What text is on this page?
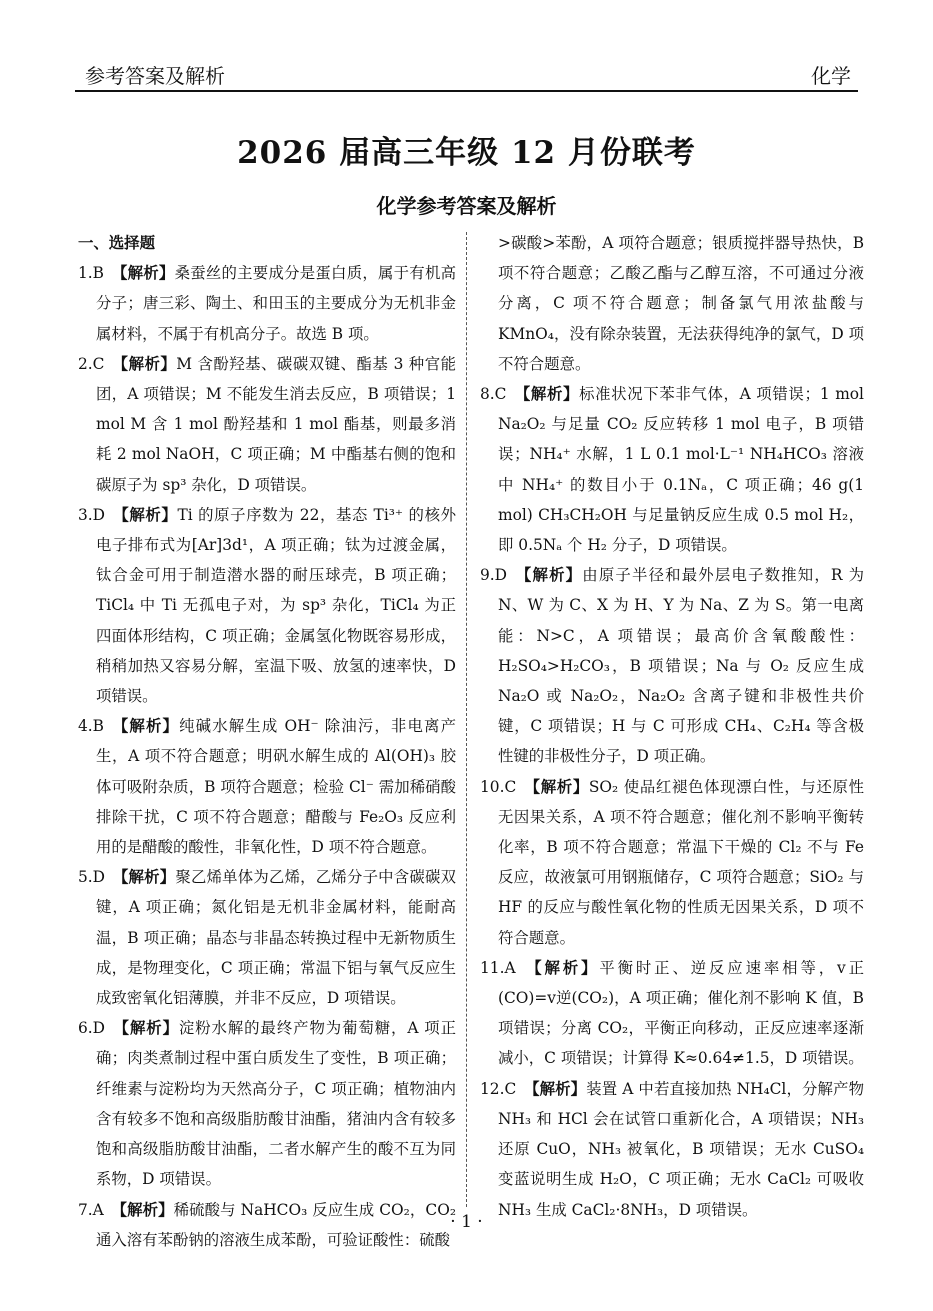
参考答案及解析	化学
2026 届高三年级 12 月份联考
化学参考答案及解析
一、选择题
1.B  【解析】桑蚕丝的主要成分是蛋白质，属于有机高分子；唐三彩、陶土、和田玉的主要成分为无机非金属材料，不属于有机高分子。故选 B 项。
2.C  【解析】M 含酚羟基、碳碳双键、酯基 3 种官能团，A 项错误；M 不能发生消去反应，B 项错误；1 mol M 含 1 mol 酚羟基和 1 mol 酯基，则最多消耗 2 mol NaOH，C 项正确；M 中酯基右侧的饱和碳原子为 sp³ 杂化，D 项错误。
3.D  【解析】Ti 的原子序数为 22，基态 Ti³⁺ 的核外电子排布式为[Ar]3d¹，A 项正确；钛为过渡金属，钛合金可用于制造潜水器的耐压球壳，B 项正确；TiCl₄ 中 Ti 无孤电子对，为 sp³ 杂化，TiCl₄ 为正四面体形结构，C 项正确；金属氢化物既容易形成，稍稍加热又容易分解，室温下吸、放氢的速率快，D 项错误。
4.B  【解析】纯碱水解生成 OH⁻ 除油污，非电离产生，A 项不符合题意；明矾水解生成的 Al(OH)₃ 胶体可吸附杂质，B 项符合题意；检验 Cl⁻ 需加稀硝酸排除干扰，C 项不符合题意；醋酸与 Fe₂O₃ 反应利用的是醋酸的酸性，非氧化性，D 项不符合题意。
5.D  【解析】聚乙烯单体为乙烯，乙烯分子中含碳碳双键，A 项正确；氮化铝是无机非金属材料，能耐高温，B 项正确；晶态与非晶态转换过程中无新物质生成，是物理变化，C 项正确；常温下铝与氧气反应生成致密氧化铝薄膜，并非不反应，D 项错误。
6.D  【解析】淀粉水解的最终产物为葡萄糖，A 项正确；肉类煮制过程中蛋白质发生了变性，B 项正确；纤维素与淀粉均为天然高分子，C 项正确；植物油内含有较多不饱和高级脂肪酸甘油酯，猪油内含有较多饱和高级脂肪酸甘油酯，二者水解产生的酸不互为同系物，D 项错误。
7.A  【解析】稀硫酸与 NaHCO₃ 反应生成 CO₂，CO₂ 通入溶有苯酚钠的溶液生成苯酚，可验证酸性：硫酸
>碳酸>苯酚，A 项符合题意；银质搅拌器导热快，B 项不符合题意；乙酸乙酯与乙醇互溶，不可通过分液分离，C 项不符合题意；制备氯气用浓盐酸与 KMnO₄，没有除杂装置，无法获得纯净的氯气，D 项不符合题意。
8.C  【解析】标准状况下苯非气体，A 项错误；1 mol Na₂O₂ 与足量 CO₂ 反应转移 1 mol 电子，B 项错误；NH₄⁺ 水解，1 L 0.1 mol·L⁻¹ NH₄HCO₃ 溶液中 NH₄⁺ 的数目小于 0.1Nₐ，C 项正确；46 g(1 mol) CH₃CH₂OH 与足量钠反应生成 0.5 mol H₂，即 0.5Nₐ 个 H₂ 分子，D 项错误。
9.D  【解析】由原子半径和最外层电子数推知，R 为 N、W 为 C、X 为 H、Y 为 Na、Z 为 S。第一电离能：N>C，A 项错误；最高价含氧酸酸性：H₂SO₄>H₂CO₃，B 项错误；Na 与 O₂ 反应生成 Na₂O 或 Na₂O₂，Na₂O₂ 含离子键和非极性共价键，C 项错误；H 与 C 可形成 CH₄、C₂H₄ 等含极性键的非极性分子，D 项正确。
10.C  【解析】SO₂ 使品红褪色体现漂白性，与还原性无因果关系，A 项不符合题意；催化剂不影响平衡转化率，B 项不符合题意；常温下干燥的 Cl₂ 不与 Fe 反应，故液氯可用钢瓶储存，C 项符合题意；SiO₂ 与 HF 的反应与酸性氧化物的性质无因果关系，D 项不符合题意。
11.A  【解析】平衡时正、逆反应速率相等，v正(CO)=v逆(CO₂)，A 项正确；催化剂不影响 K 值，B 项错误；分离 CO₂，平衡正向移动，正反应速率逐渐减小，C 项错误；计算得 K≈0.64≠1.5，D 项错误。
12.C  【解析】装置 A 中若直接加热 NH₄Cl，分解产物 NH₃ 和 HCl 会在试管口重新化合，A 项错误；NH₃ 还原 CuO，NH₃ 被氧化，B 项错误；无水 CuSO₄ 变蓝说明生成 H₂O，C 项正确；无水 CaCl₂ 可吸收 NH₃ 生成 CaCl₂·8NH₃，D 项错误。
· 1 ·
